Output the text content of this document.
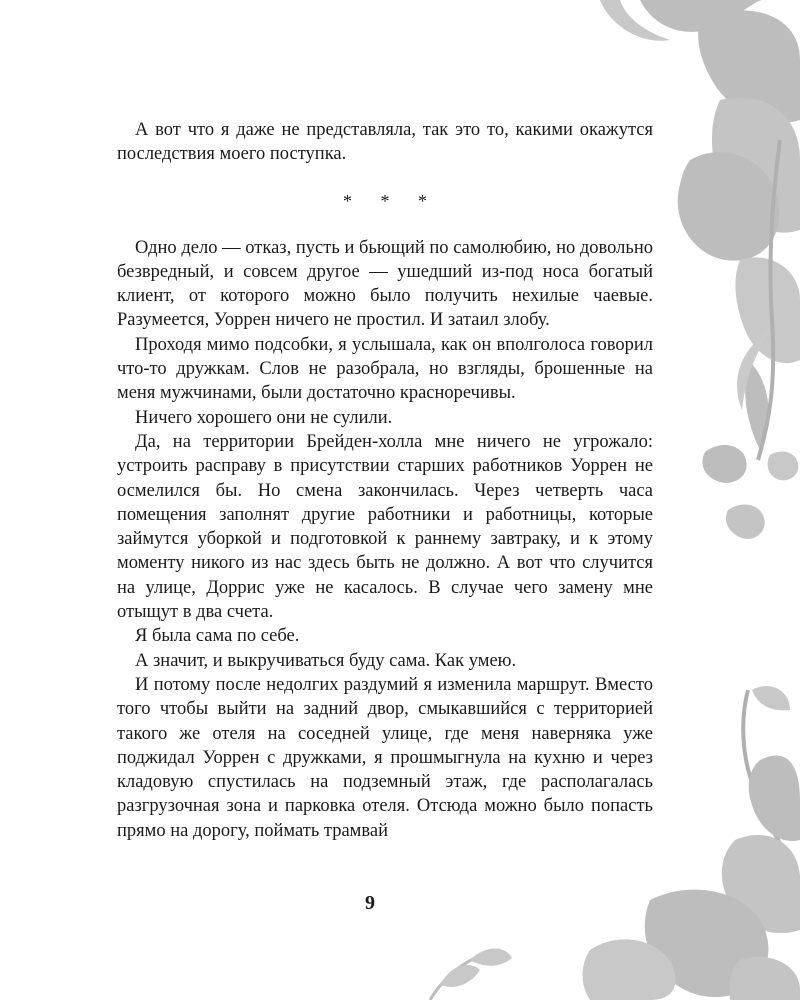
А вот что я даже не представляла, так это то, какими окажутся последствия моего поступка.

* * *

Одно дело — отказ, пусть и бьющий по самолюбию, но довольно безвредный, и совсем другое — ушедший из-под носа богатый клиент, от которого можно было получить нехилые чаевые. Разумеется, Уоррен ничего не простил. И затаил злобу.

Проходя мимо подсобки, я услышала, как он вполголоса говорил что-то дружкам. Слов не разобрала, но взгляды, брошенные на меня мужчинами, были достаточно красноречивы.

Ничего хорошего они не сулили.

Да, на территории Брейден-холла мне ничего не угрожало: устроить расправу в присутствии старших работников Уоррен не осмелился бы. Но смена закончилась. Через четверть часа помещения заполнят другие работники и работницы, которые займутся уборкой и подготовкой к раннему завтраку, и к этому моменту никого из нас здесь быть не должно. А вот что случится на улице, Доррис уже не касалось. В случае чего замену мне отыщут в два счета.

Я была сама по себе.

А значит, и выкручиваться буду сама. Как умею.

И потому после недолгих раздумий я изменила маршрут. Вместо того чтобы выйти на задний двор, смыкавшийся с территорией такого же отеля на соседней улице, где меня наверняка уже поджидал Уоррен с дружками, я прошмыгнула на кухню и через кладовую спустилась на подземный этаж, где располагалась разгрузочная зона и парковка отеля. Отсюда можно было попасть прямо на дорогу, поймать трамвай

9
